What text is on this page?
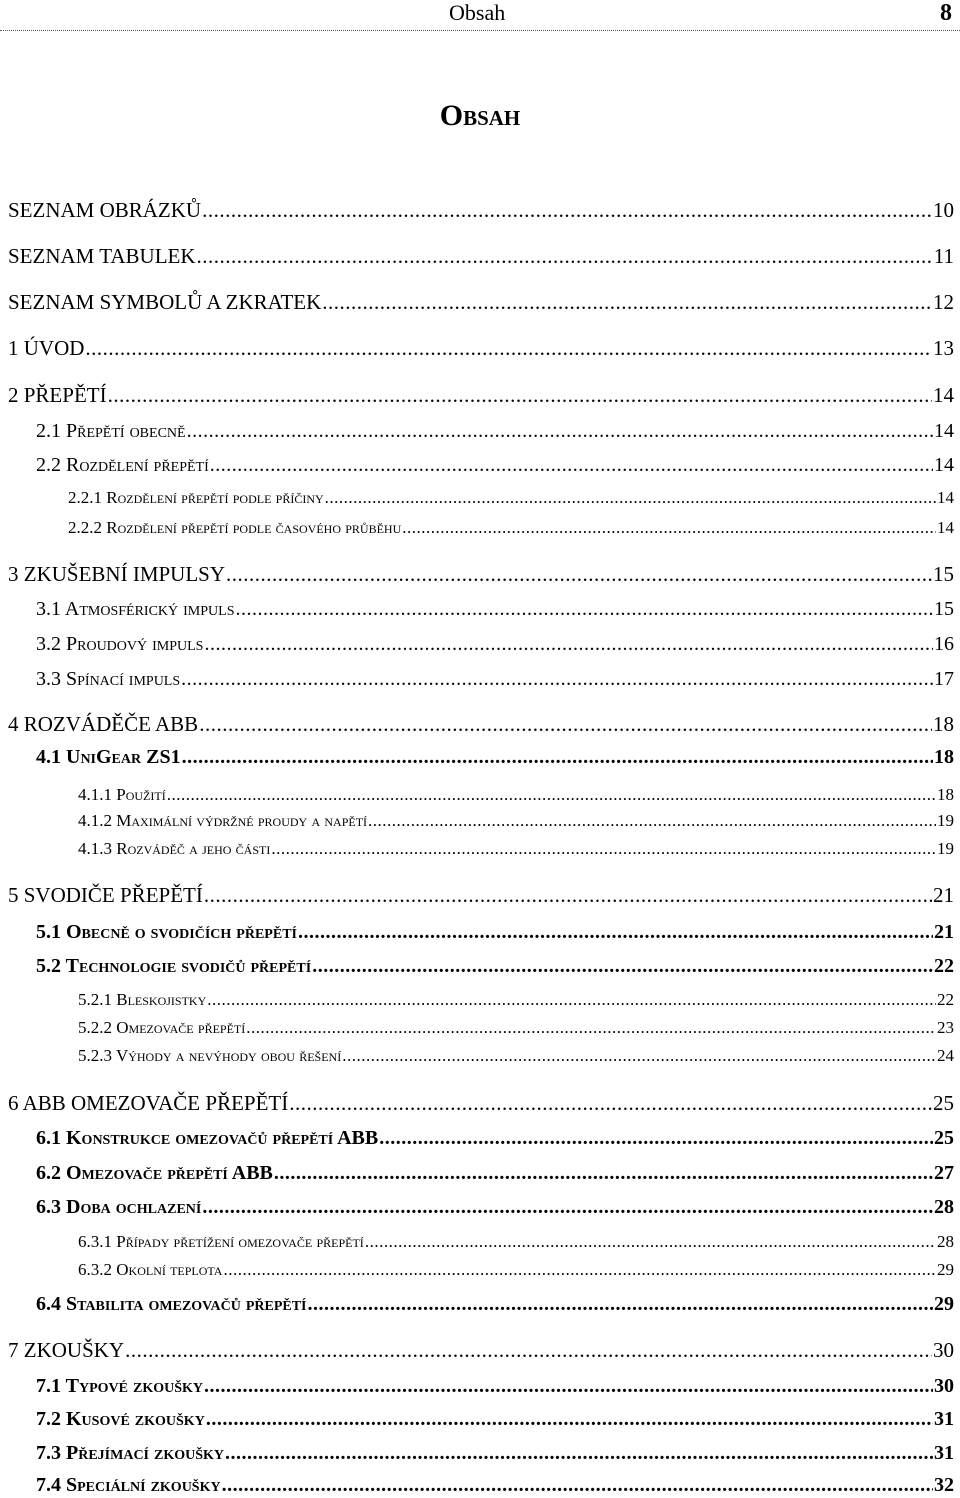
Obsah	8
Obsah
SEZNAM OBRÁZKŮ .....	10
SEZNAM TABULEK .....	11
SEZNAM SYMBOLŮ A ZKRATEK .....	12
1 ÚVOD .....	13
2 PŘEPĚTÍ .....	14
2.1 Přepětí obecně .....	14
2.2 Rozdělení přepětí .....	14
2.2.1 Rozdělení přepětí podle příčiny .....	14
2.2.2 Rozdělení přepětí podle časového průběhu .....	14
3 ZKUŠEBNÍ IMPULSY .....	15
3.1 Atmosférický impuls .....	15
3.2 Proudový impuls .....	16
3.3 Spínací impuls .....	17
4 ROZVÁDĚČE ABB .....	18
4.1 UniGear ZS1 .....	18
4.1.1 Použití .....	18
4.1.2 Maximální výdržné proudy a napětí .....	19
4.1.3 Rozváděč a jeho části .....	19
5 SVODIČE PŘEPĚTÍ .....	21
5.1 Obecně o svodičích přepětí .....	21
5.2 Technologie svodičů přepětí .....	22
5.2.1 Bleskojistky .....	22
5.2.2 Omezovače přepětí .....	23
5.2.3 Výhody a nevýhody obou řešení .....	24
6 ABB OMEZOVAČE PŘEPĚTÍ .....	25
6.1 Konstrukce omezovačů přepětí ABB .....	25
6.2 Omezovače přepětí ABB .....	27
6.3 Doba ochlazení .....	28
6.3.1 Případy přetížení omezovače přepětí .....	28
6.3.2 Okolní teplota .....	29
6.4 Stabilita omezovačů přepětí .....	29
7 ZKOUŠKY .....	30
7.1 Typové zkoušky .....	30
7.2 Kusové zkoušky .....	31
7.3 Přejímací zkoušky .....	31
7.4 Speciální zkoušky .....	32
